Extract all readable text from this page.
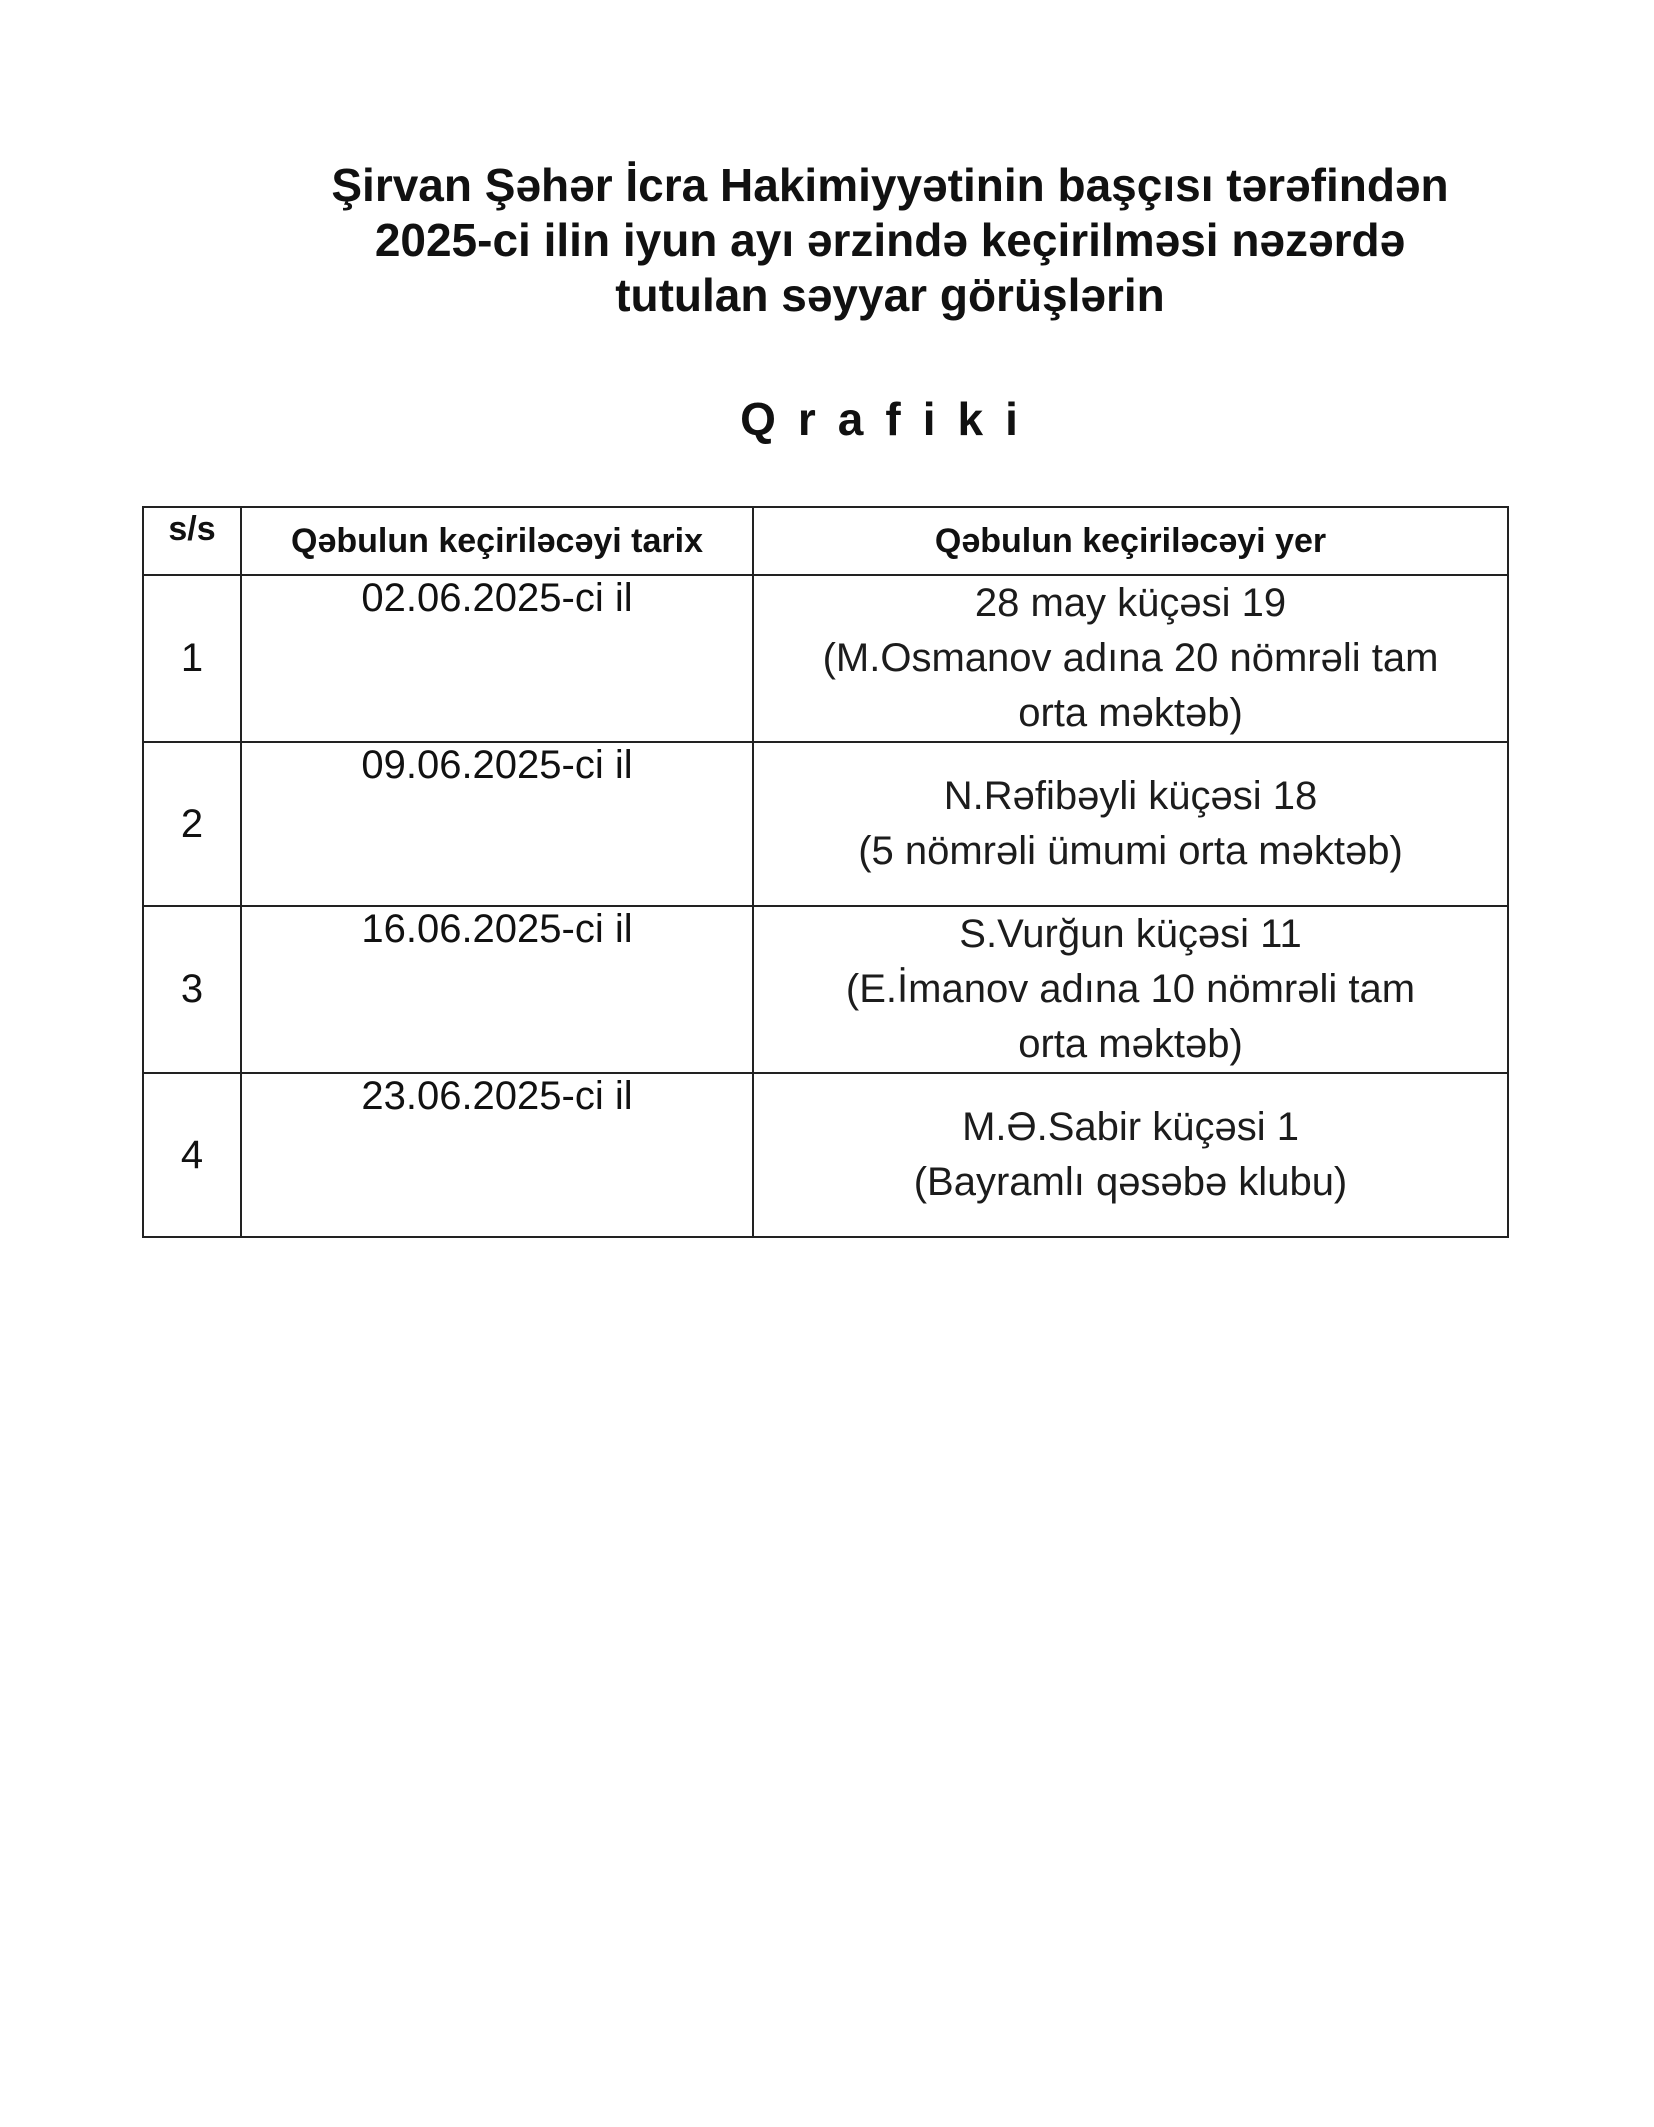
Şirvan Şəhər İcra Hakimiyyətinin başçısı tərəfindən
2025-ci ilin iyun ayı ərzində keçirilməsi nəzərdə
tutulan səyyar görüşlərin
Qrafiki
s/s	Qəbulun keçiriləcəyi tarix	Qəbulun keçiriləcəyi yer
1	02.06.2025-ci il	28 may küçəsi 19
(M.Osmanov adına 20 nömrəli tam
orta məktəb)

2	09.06.2025-ci il	N.Rəfibəyli küçəsi 18
(5 nömrəli ümumi orta məktəb)

3	16.06.2025-ci il	S.Vurğun küçəsi 11
(E.İmanov adına 10 nömrəli tam
orta məktəb)

4	23.06.2025-ci il	M.Ə.Sabir küçəsi 1
(Bayramlı qəsəbə klubu)
